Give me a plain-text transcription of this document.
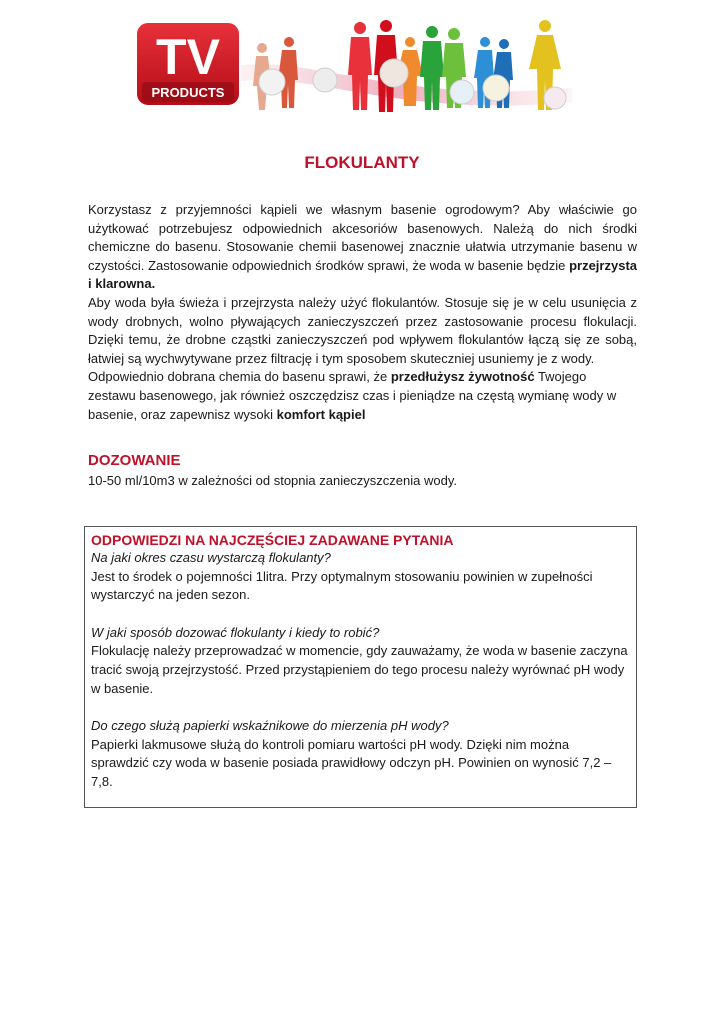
TV
PRODUCTS
FLOKULANTY

Korzystasz z przyjemności kąpieli we własnym basenie ogrodowym? Aby właściwie go użytkować potrzebujesz odpowiednich akcesoriów basenowych. Należą do nich środki chemiczne do basenu. Stosowanie chemii basenowej znacznie ułatwia utrzymanie basenu w czystości. Zastosowanie odpowiednich środków sprawi, że woda w basenie będzie przejrzysta i klarowna.

Aby woda była świeża i przejrzysta należy użyć flokulantów. Stosuje się je w celu usunięcia z wody drobnych, wolno pływających zanieczyszczeń przez zastosowanie procesu flokulacji. Dzięki temu, że drobne cząstki zanieczyszczeń pod wpływem flokulantów łączą się ze sobą, łatwiej są wychwytywane przez filtrację i tym sposobem skuteczniej usuniemy je z wody.

Odpowiednio dobrana chemia do basenu sprawi, że przedłużysz żywotność Twojego zestawu basenowego, jak również oszczędzisz czas i pieniądze na częstą wymianę wody w basenie, oraz zapewnisz wysoki komfort kąpiel

DOZOWANIE

10-50 ml/10m3 w zależności od stopnia zanieczyszczenia wody.

ODPOWIEDZI NA NAJCZĘŚCIEJ ZADAWANE PYTANIA

Na jaki okres czasu wystarczą flokulanty?

Jest to środek o pojemności 1litra. Przy optymalnym stosowaniu powinien w zupełności wystarczyć na jeden sezon.

W jaki sposób dozować flokulanty i kiedy to robić?

Flokulację należy przeprowadzać w momencie, gdy zauważamy, że woda w basenie zaczyna tracić swoją przejrzystość. Przed przystąpieniem do tego procesu należy wyrównać pH wody w basenie.

Do czego służą papierki wskaźnikowe do mierzenia pH wody?

Papierki lakmusowe służą do kontroli pomiaru wartości pH wody. Dzięki nim można sprawdzić czy woda w basenie posiada prawidłowy odczyn pH. Powinien on wynosić 7,2 – 7,8.
